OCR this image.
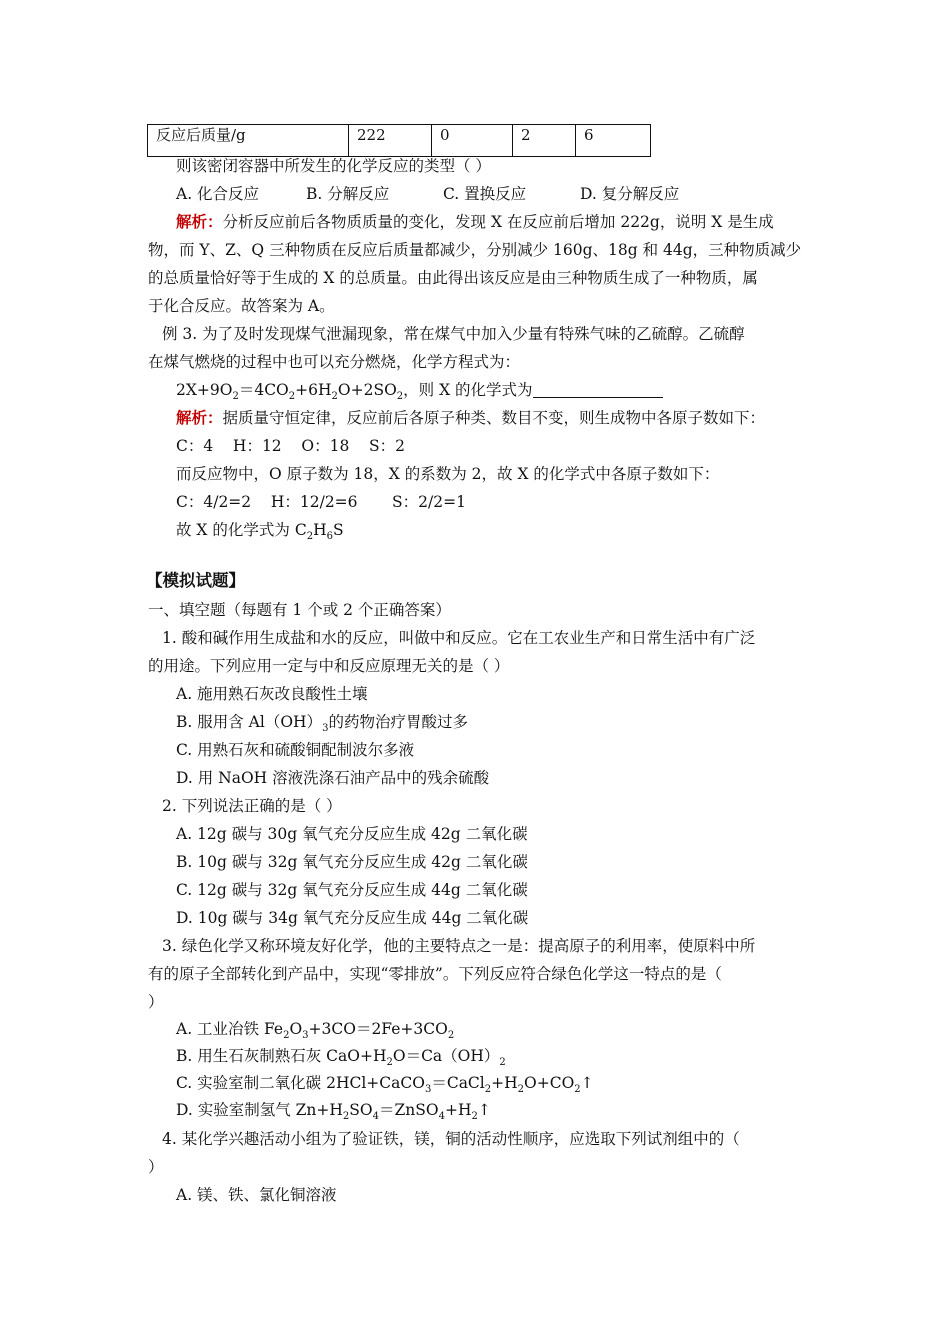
反应后质量/g	222	0	2	6
则该密闭容器中所发生的化学反应的类型（ ）
A. 化合反应	B. 分解反应	C. 置换反应	D. 复分解反应
解析：分析反应前后各物质质量的变化，发现 X 在反应前后增加 222g，说明 X 是生成
物，而 Y、Z、Q 三种物质在反应后质量都减少，分别减少 160g、18g 和 44g，三种物质减少
的总质量恰好等于生成的 X 的总质量。由此得出该反应是由三种物质生成了一种物质，属
于化合反应。故答案为 A。
例 3. 为了及时发现煤气泄漏现象，常在煤气中加入少量有特殊气味的乙硫醇。乙硫醇
在煤气燃烧的过程中也可以充分燃烧，化学方程式为：
$2X+9O_2=4CO_2+6H_2O+2SO_2$，则 X 的化学式为
解析：据质量守恒定律，反应前后各原子种类、数目不变，则生成物中各原子数如下：
C：4    H：12    O：18    S：2
而反应物中，O 原子数为 18，X 的系数为 2，故 X 的化学式中各原子数如下：
C：4/2=2    H：12/2=6       S：2/2=1
故 X 的化学式为 $C_2H_6S$
【模拟试题】
一、填空题（每题有 1 个或 2 个正确答案）
1. 酸和碱作用生成盐和水的反应，叫做中和反应。它在工农业生产和日常生活中有广泛
的用途。下列应用一定与中和反应原理无关的是（ ）
A. 施用熟石灰改良酸性土壤
B. 服用含 $Al(OH)_3$的药物治疗胃酸过多
C. 用熟石灰和硫酸铜配制波尔多液
D. 用 NaOH 溶液洗涤石油产品中的残余硫酸
2. 下列说法正确的是（ ）
A. 12g 碳与 30g 氧气充分反应生成 42g 二氧化碳
B. 10g 碳与 32g 氧气充分反应生成 42g 二氧化碳
C. 12g 碳与 32g 氧气充分反应生成 44g 二氧化碳
D. 10g 碳与 34g 氧气充分反应生成 44g 二氧化碳
3. 绿色化学又称环境友好化学，他的主要特点之一是：提高原子的利用率，使原料中所
有的原子全部转化到产品中，实现“零排放”。下列反应符合绿色化学这一特点的是（
）
A. 工业冶铁 $Fe_2O_3+3CO=2Fe+3CO_2$
B. 用生石灰制熟石灰 $CaO+H_2O=Ca(OH)_2$
C. 实验室制二氧化碳 $2HCl+CaCO_3=CaCl_2+H_2O+CO_2↑$
D. 实验室制氢气 $Zn+H_2SO_4=ZnSO_4+H_2↑$
4. 某化学兴趣活动小组为了验证铁，镁，铜的活动性顺序，应选取下列试剂组中的（
）
A. 镁、铁、氯化铜溶液
